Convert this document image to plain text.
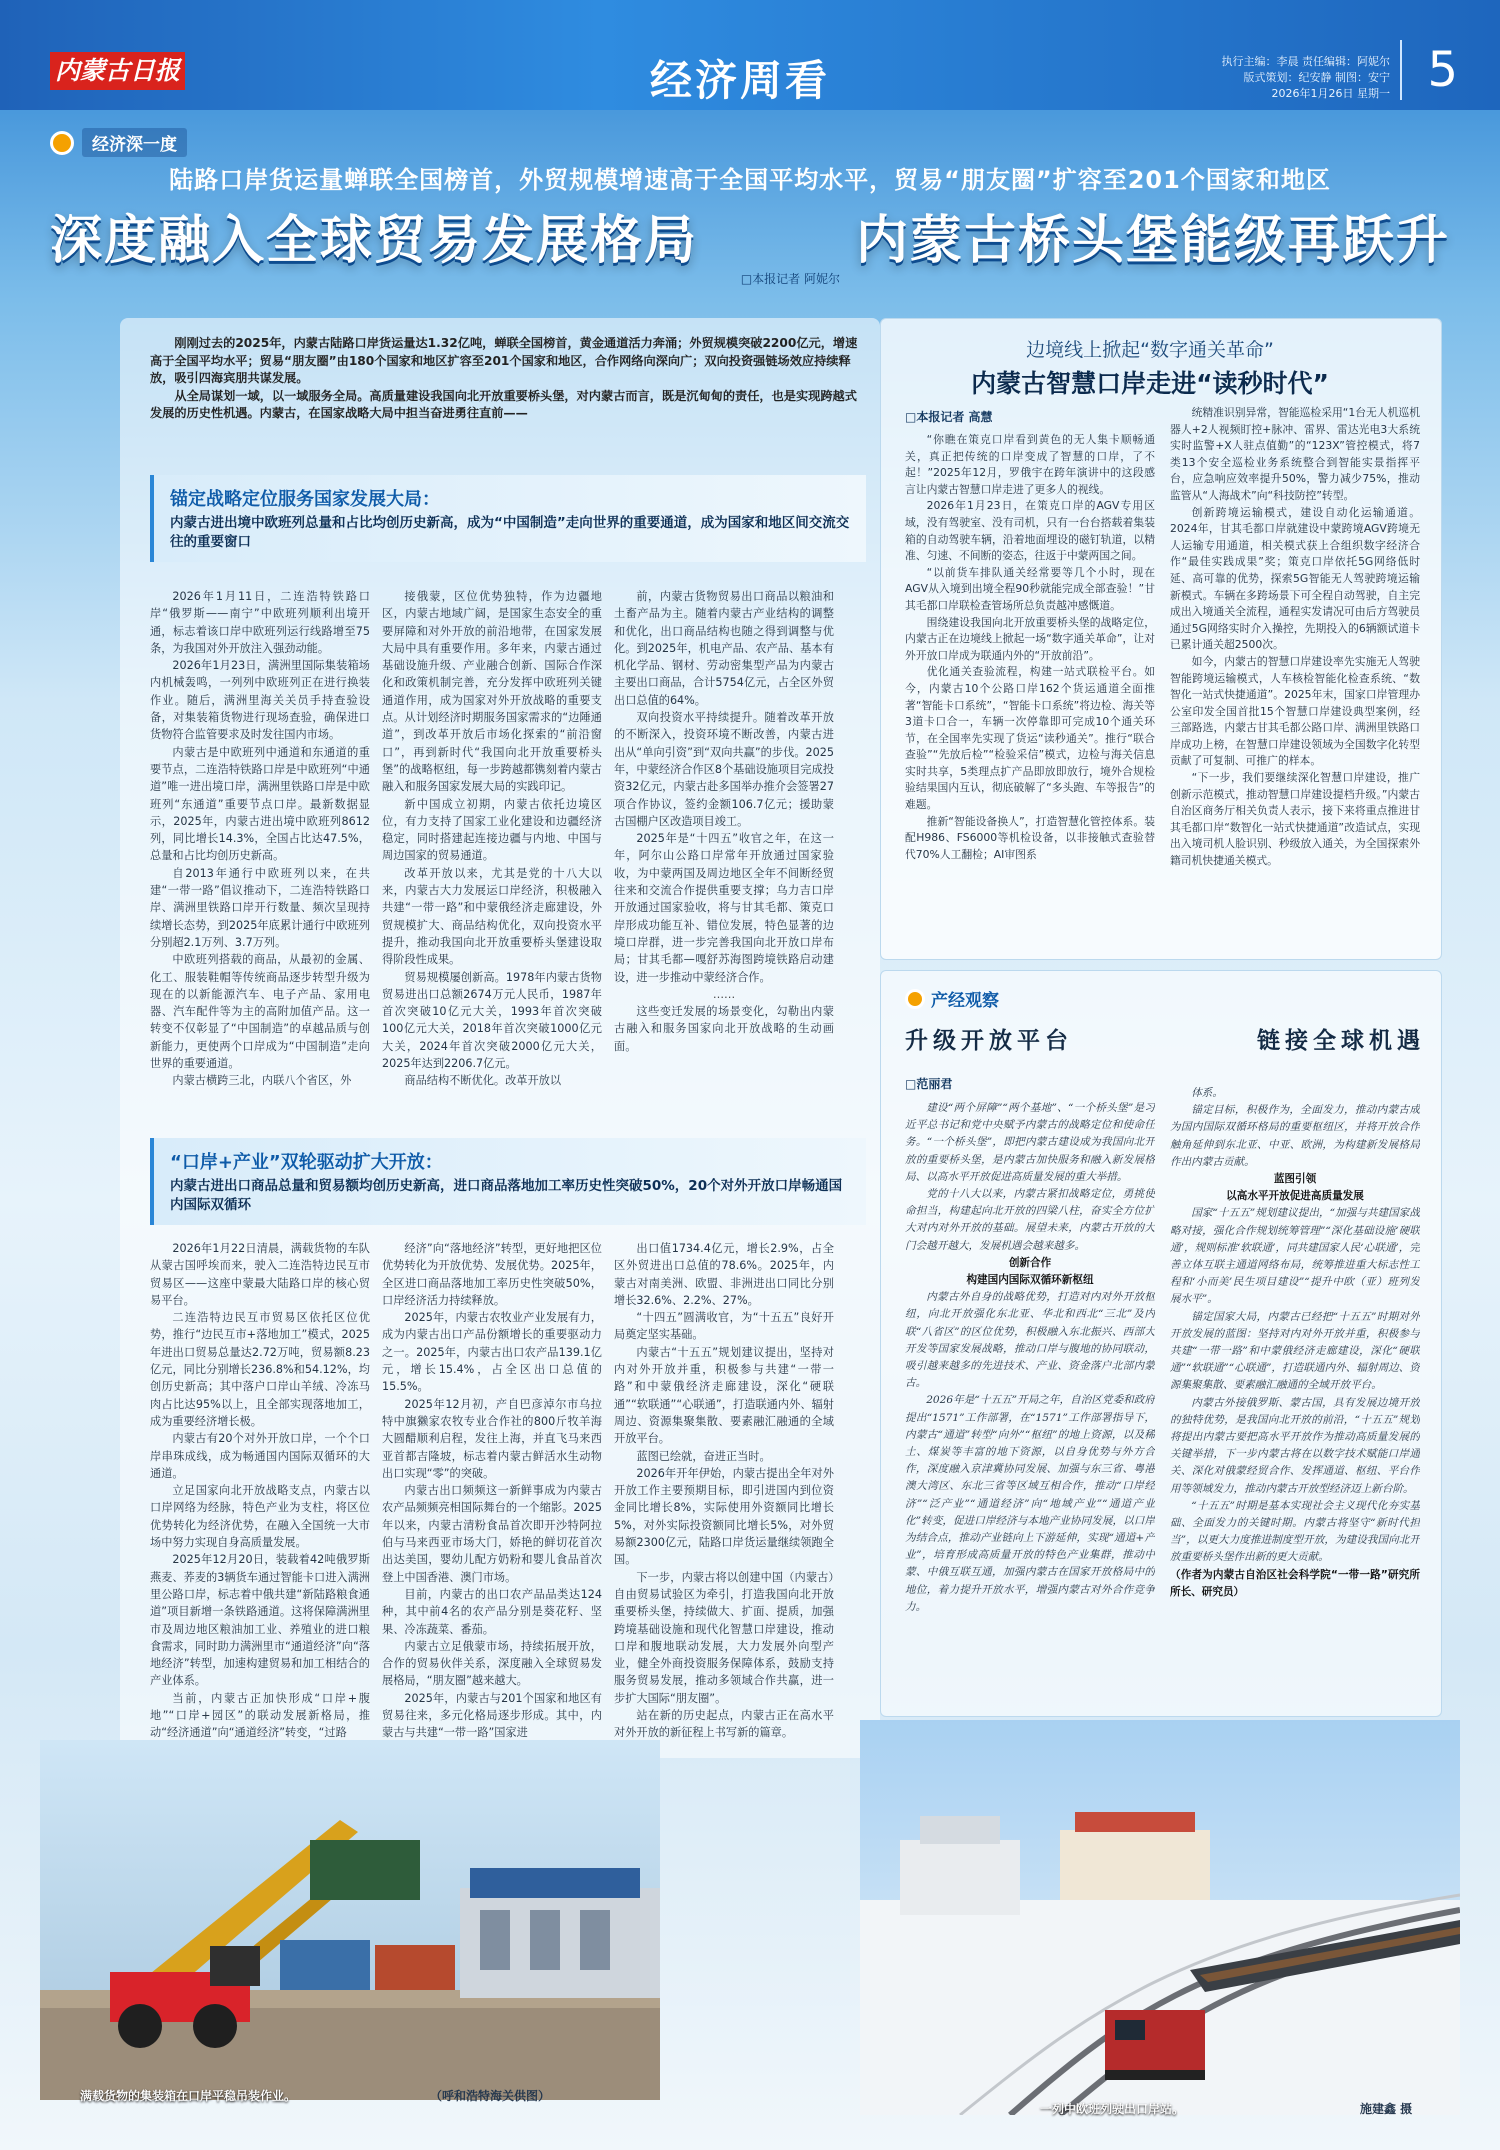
内蒙古日报	经济周看	执行主编：李晨 责任编辑：阿妮尔
版式策划：纪安静 制图：安宁
2026年1月26日 星期一 5
经济深一度
陆路口岸货运量蝉联全国榜首，外贸规模增速高于全国平均水平，贸易“朋友圈”扩容至201个国家和地区
深度融入全球贸易发展格局	内蒙古桥头堡能级再跃升
□本报记者 阿妮尔

刚刚过去的2025年，内蒙古陆路口岸货运量达1.32亿吨，蝉联全国榜首，黄金通道活力奔涌；外贸规模突破2200亿元，增速高于全国平均水平；贸易“朋友圈”由180个国家和地区扩容至201个国家和地区，合作网络向深向广；双向投资强链场效应持续释放，吸引四海宾朋共谋发展。

从全局谋划一域，以一域服务全局。高质量建设我国向北开放重要桥头堡，对内蒙古而言，既是沉甸甸的责任，也是实现跨越式发展的历史性机遇。内蒙古，在国家战略大局中担当奋进勇往直前——

锚定战略定位服务国家发展大局：
内蒙古进出境中欧班列总量和占比均创历史新高，成为“中国制造”走向世界的重要通道，成为国家和地区间交流交往的重要窗口

2026年1月11日，二连浩特铁路口岸“俄罗斯——南宁”中欧班列顺利出境开通，标志着该口岸中欧班列运行线路增至75条，为我国对外开放注入强劲动能。

2026年1月23日，满洲里国际集装箱场内机械轰鸣，一列列中欧班列正在进行换装作业。随后，满洲里海关关员手持查验设备，对集装箱货物进行现场查验，确保进口货物符合监管要求及时发往国内市场。

内蒙古是中欧班列中通道和东通道的重要节点，二连浩特铁路口岸是中欧班列“中通道”唯一进出境口岸，满洲里铁路口岸是中欧班列“东通道”重要节点口岸。最新数据显示，2025年，内蒙古进出境中欧班列8612列，同比增长14.3%，全国占比达47.5%，总量和占比均创历史新高。

自2013年通行中欧班列以来，在共建“一带一路”倡议推动下，二连浩特铁路口岸、满洲里铁路口岸开行数量、频次呈现持续增长态势，到2025年底累计通行中欧班列分别超2.1万列、3.7万列。

中欧班列搭载的商品，从最初的金属、化工、服装鞋帽等传统商品逐步转型升级为现在的以新能源汽车、电子产品、家用电器、汽车配件等为主的高附加值产品。这一转变不仅彰显了“中国制造”的卓越品质与创新能力，更使两个口岸成为“中国制造”走向世界的重要通道。

内蒙古横跨三北，内联八个省区，外

接俄蒙，区位优势独特，作为边疆地区，内蒙古地域广阔，是国家生态安全的重要屏障和对外开放的前沿地带，在国家发展大局中具有重要作用。多年来，内蒙古通过基础设施升级、产业融合创新、国际合作深化和政策机制完善，充分发挥中欧班列关键通道作用，成为国家对外开放战略的重要支点。从计划经济时期服务国家需求的“边陲通道”，到改革开放后市场化探索的“前沿窗口”，再到新时代“我国向北开放重要桥头堡”的战略枢纽，每一步跨越都镌刻着内蒙古融入和服务国家发展大局的实践印记。

新中国成立初期，内蒙古依托边境区位，有力支持了国家工业化建设和边疆经济稳定，同时搭建起连接边疆与内地、中国与周边国家的贸易通道。

改革开放以来，尤其是党的十八大以来，内蒙古大力发展运口岸经济，积极融入共建“一带一路”和中蒙俄经济走廊建设，外贸规模扩大、商品结构优化，双向投资水平提升，推动我国向北开放重要桥头堡建设取得阶段性成果。

贸易规模屡创新高。1978年内蒙古货物贸易进出口总额2674万元人民币，1987年首次突破10亿元大关，1993年首次突破100亿元大关，2018年首次突破1000亿元大关，2024年首次突破2000亿元大关，2025年达到2206.7亿元。

商品结构不断优化。改革开放以

前，内蒙古货物贸易出口商品以粮油和土畜产品为主。随着内蒙古产业结构的调整和优化，出口商品结构也随之得到调整与优化。到2025年，机电产品、农产品、基本有机化学品、钢材、劳动密集型产品为内蒙古主要出口商品，合计5754亿元，占全区外贸出口总值的64%。

双向投资水平持续提升。随着改革开放的不断深入，投资环境不断改善，内蒙古进出从“单向引资”到“双向共赢”的步伐。2025年，中蒙经济合作区8个基础设施项目完成投资32亿元，内蒙古赴多国举办推介会签署27项合作协议，签约金额106.7亿元；援助蒙古国棚户区改造项目竣工。

2025年是“十四五”收官之年，在这一年，阿尔山公路口岸常年开放通过国家验收，为中蒙两国及周边地区全年不间断经贸往来和交流合作提供重要支撑；乌力吉口岸开放通过国家验收，将与甘其毛都、策克口岸形成功能互补、错位发展，特色显著的边境口岸群，进一步完善我国向北开放口岸布局；甘其毛都—嘎舒苏海图跨境铁路启动建设，进一步推动中蒙经济合作。

……

这些变迁发展的场景变化，勾勒出内蒙古融入和服务国家向北开放战略的生动画面。

“口岸+产业”双轮驱动扩大开放：
内蒙古进出口商品总量和贸易额均创历史新高，进口商品落地加工率历史性突破50%，20个对外开放口岸畅通国内国际双循环

2026年1月22日清晨，满载货物的车队从蒙古国呼埃而来，驶入二连浩特边民互市贸易区——这座中蒙最大陆路口岸的核心贸易平台。

二连浩特边民互市贸易区依托区位优势，推行“边民互市+落地加工”模式，2025年进出口贸易总量达2.72万吨，贸易额8.23亿元，同比分别增长236.8%和54.12%，均创历史新高；其中落户口岸山羊绒、冷冻马肉占比达95%以上，且全部实现落地加工，成为重要经济增长极。

内蒙古有20个对外开放口岸，一个个口岸串珠成线，成为畅通国内国际双循环的大通道。

立足国家向北开放战略支点，内蒙古以口岸网络为经脉，特色产业为支柱，将区位优势转化为经济优势，在融入全国统一大市场中努力实现自身高质量发展。

2025年12月20日，装载着42吨俄罗斯燕麦、荞麦的3辆货车通过智能卡口进入满洲里公路口岸，标志着中俄共建“新陆路粮食通道”项目新增一条铁路通道。这将保障满洲里市及周边地区粮油加工业、养殖业的进口粮食需求，同时助力满洲里市“通道经济”向“落地经济”转型，加速构建贸易和加工相结合的产业体系。

当前，内蒙古正加快形成“口岸+腹地”“口岸+园区”的联动发展新格局，推动“经济通道”向“通道经济”转变，“过路

经济”向“落地经济”转型，更好地把区位优势转化为开放优势、发展优势。2025年，全区进口商品落地加工率历史性突破50%，口岸经济活力持续释放。

2025年，内蒙古农牧业产业发展有力，成为内蒙古出口产品份额增长的重要驱动力之一。2025年，内蒙古出口农产品139.1亿元，增长15.4%，占全区出口总值的15.5%。

2025年12月初，产自巴彦淖尔市乌拉特中旗獭家农牧专业合作社的800斤牧羊海大圆醋顺利启程，发往上海，并直飞马来西亚首都吉隆坡，标志着内蒙古鲜活水生动物出口实现“零”的突破。

内蒙古出口频频这一新鲜事成为内蒙古农产品频频亮相国际舞台的一个缩影。2025年以来，内蒙古清粉食品首次即开沙特阿拉伯与马来西亚市场大门，娇艳的鲜切花首次出达美国，婴幼儿配方奶粉和婴儿食品首次登上中国香港、澳门市场。

目前，内蒙古的出口农产品品类达124种，其中前4名的农产品分别是葵花籽、坚果、冷冻蔬菜、番茄。

内蒙古立足俄蒙市场，持续拓展开放，合作的贸易伙伴关系，深度融入全球贸易发展格局，“朋友圈”越来越大。

2025年，内蒙古与201个国家和地区有贸易往来，多元化格局逐步形成。其中，内蒙古与共建“一带一路”国家进

出口值1734.4亿元，增长2.9%，占全区外贸进出口总值的78.6%。2025年，内蒙古对南美洲、欧盟、非洲进出口同比分别增长32.6%、2.2%、27%。

“十四五”圆满收官，为“十五五”良好开局奠定坚实基础。

内蒙古“十五五”规划建议提出，坚持对内对外开放并重，积极参与共建“一带一路”和中蒙俄经济走廊建设，深化“硬联通”“软联通”“心联通”，打造联通内外、辐射周边、资源集聚集散、要素融汇融通的全域开放平台。

蓝图已绘就，奋进正当时。

2026年开年伊始，内蒙古提出全年对外开放工作主要预期目标，即引进国内到位资金同比增长8%，实际使用外资额同比增长5%，对外实际投资额同比增长5%，对外贸易额2300亿元，陆路口岸货运量继续领跑全国。

下一步，内蒙古将以创建中国（内蒙古）自由贸易试验区为牵引，打造我国向北开放重要桥头堡，持续做大、扩面、提质，加强跨境基础设施和现代化智慧口岸建设，推动口岸和腹地联动发展，大力发展外向型产业，健全外商投资服务保障体系，鼓励支持服务贸易发展，推动多领域合作共赢，进一步扩大国际“朋友圈”。

站在新的历史起点，内蒙古正在高水平对外开放的新征程上书写新的篇章。

边境线上掀起“数字通关革命”
内蒙古智慧口岸走进“读秒时代”
□本报记者 高慧

“你瞧在策克口岸看到黄色的无人集卡顺畅通关，真正把传统的口岸变成了智慧的口岸，了不起！”2025年12月，罗俄宇在跨年演讲中的这段感言让内蒙古智慧口岸走进了更多人的视线。

2026年1月23日，在策克口岸的AGV专用区域，没有驾驶室、没有司机，只有一台台搭载着集装箱的自动驾驶车辆，沿着地面埋设的磁钉轨道，以精准、匀速、不间断的姿态，往返于中蒙两国之间。

“以前货车排队通关经常要等几个小时，现在AGV从入境到出境全程90秒就能完成全部查验！”甘其毛都口岸联检查管场所总负责越冲感慨道。

围绕建设我国向北开放重要桥头堡的战略定位，内蒙古正在边境线上掀起一场“数字通关革命”，让对外开放口岸成为联通内外的“开放前沿”。

优化通关查验流程，构建一站式联检平台。如今，内蒙古10个公路口岸162个货运通道全面推著“智能卡口系统”，“智能卡口系统”将边检、海关等3道卡口合一，车辆一次停靠即可完成10个通关环节，在全国率先实现了货运“读秒通关”。推行“联合查验”“先放后检”“检验采信”模式，边检与海关信息实时共享，5类理点扩产品即放即放行，境外合规检验结果国内互认，彻底破解了“多头跑、车等报告”的难题。

推新“智能设备换人”，打造智慧化管控体系。装配H986、FS6000等机检设备，以非接触式查验替代70%人工翻检；AI审图系

统精准识别异常，智能巡检采用“1台无人机巡机器人+2人视频盯控+脉冲、雷界、雷达光电3大系统实时监警+X人驻点值勤”的“123X”管控模式，将7类13个安全巡检业务系统整合到智能实景指挥平台，应急响应效率提升50%，警力减少75%，推动监管从“人海战术”向“科技防控”转型。

创新跨境运输模式，建设自动化运输通道。2024年，甘其毛都口岸就建设中蒙跨境AGV跨境无人运输专用通道，相关模式获上合组织数字经济合作“最佳实践成果”奖；策克口岸依托5G网络低时延、高可靠的优势，探索5G智能无人驾驶跨境运输新模式。车辆在多跨场景下可全程自动驾驶，自主完成出入境通关全流程，通程实发请况可由后方驾驶员通过5G网络实时介入操控，先期投入的6辆额试道卡已累计通关超2500次。

如今，内蒙古的智慧口岸建设率先实施无人驾驶智能跨境运输模式，人车核检智能化检查系统、“数智化一站式快捷通道”。2025年末，国家口岸管理办公室印发全国首批15个智慧口岸建设典型案例，经三部路选，内蒙古甘其毛都公路口岸、满洲里铁路口岸成功上榜，在智慧口岸建设领域为全国数字化转型贡献了可复制、可推广的样本。

“下一步，我们要继续深化智慧口岸建设，推广创新示范模式，推动智慧口岸建设提档升级。”内蒙古自治区商务厅相关负责人表示，接下来将重点推进甘其毛都口岸“数智化一站式快捷通道”改造试点，实现出入境司机人脸识别、秒级放入通关，为全国探索外籍司机快捷通关模式。

产经观察
升级开放平台	链接全球机遇
□范丽君

建设“两个屏障”“两个基地”、“一个桥头堡”是习近平总书记和党中央赋予内蒙古的战略定位和使命任务。“一个桥头堡”，即把内蒙古建设成为我国向北开放的重要桥头堡，是内蒙古加快服务和融入新发展格局、以高水平开放促进高质量发展的重大举措。

党的十八大以来，内蒙古紧扣战略定位，勇挑使命担当，构建起向北开放的四梁八柱，奋实全方位扩大对内对外开放的基础。展望未来，内蒙古开放的大门会越开越大，发展机遇会越来越多。

创新合作

构建国内国际双循环新枢纽

内蒙古外自身的战略优势，打造对内对外开放枢纽，向北开放强化东北亚、华北和西北“三北”及内联“八省区”的区位优势，积极融入东北振兴、西部大开发等国家发展战略，推动口岸与腹地的协同联动，吸引越来越多的先进技术、产业、资金落户北部内蒙古。

2026年是“十五五”开局之年，自治区党委和政府提出“1571”工作部署，在“1571”工作部署指导下，内蒙古“通道”转型“向外”“枢纽”的地上资源，以及稀土、煤炭等丰富的地下资源，以自身优势与外方合作，深度融入京津冀协同发展、加强与东三省、粤港澳大湾区、东北三省等区域互相合作，推动“口岸经济”“泛产业”“通道经济”向“地域产业”“通道产业化”转变，促进口岸经济与本地产业协同发展，以口岸为结合点，推动产业链向上下游延伸，实现“通道+产业”，培育形成高质量开放的特色产业集群，推动中蒙、中俄互联互通，加强内蒙古在国家开放格局中的地位，着力提升开放水平，增强内蒙古对外合作竞争力。

体系。

锚定目标，积极作为，全面发力，推动内蒙古成为国内国际双循环格局的重要枢纽区，并将开放合作触角延伸到东北亚、中亚、欧洲，为构建新发展格局作出内蒙古贡献。

蓝图引领

以高水平开放促进高质量发展

国家“十五五”规划建议提出，“加强与共建国家战略对接，强化合作规划统筹管理”“深化基础设施‘硬联通’，规则标准‘软联通’，同共建国家人民‘心联通’，完善立体互联主通道网络布局，统筹推进重大标志性工程和‘小而美’民生项目建设”“提升中欧（亚）班列发展水平”。

锚定国家大局，内蒙古已经把“十五五”时期对外开放发展的蓝图：坚持对内对外开放并重，积极参与共建“一带一路”和中蒙俄经济走廊建设，深化“硬联通”“软联通”“心联通”，打造联通内外、辐射周边、资源集聚集散、要素融汇融通的全域开放平台。

内蒙古外接俄罗斯、蒙古国，具有发展边境开放的独特优势，是我国向北开放的前沿，“十五五”规划将提出内蒙古要把高水平开放作为推动高质量发展的关键举措，下一步内蒙古将在以数字技术赋能口岸通关、深化对俄蒙经贸合作、发挥通道、枢纽、平台作用等领域发力，推动内蒙古开放型经济迈上新台阶。

“十五五”时期是基本实现社会主义现代化夯实基础、全面发力的关键时期。内蒙古将坚守“新时代担当”，以更大力度推进制度型开放，为建设我国向北开放重要桥头堡作出新的更大贡献。

（作者为内蒙古自治区社会科学院“一带一路”研究所所长、研究员）

满载货物的集装箱在口岸平稳吊装作业。	（呼和浩特海关供图）
一列中欧班列驶出口岸站。	施建鑫 摄
